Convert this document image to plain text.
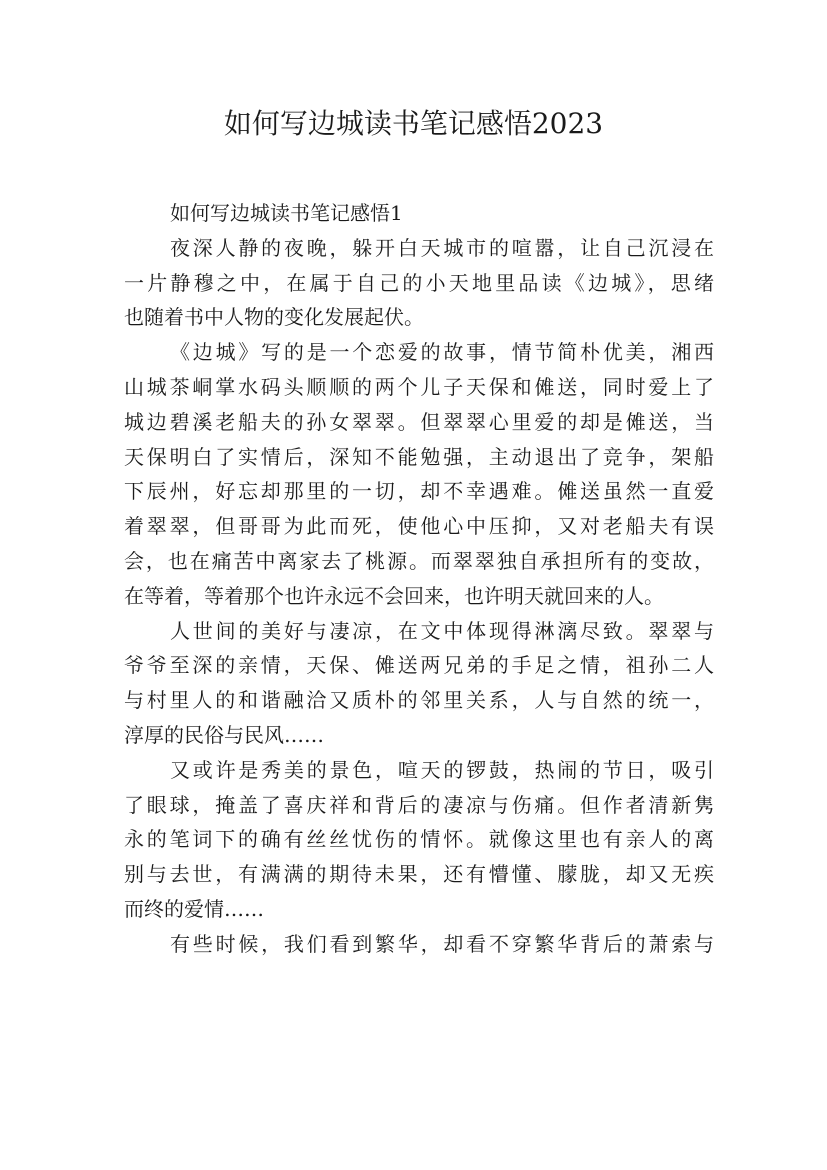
如何写边城读书笔记感悟2023
如何写边城读书笔记感悟1
夜深人静的夜晚，躲开白天城市的喧嚣，让自己沉浸在
一片静穆之中，在属于自己的小天地里品读《边城》，思绪
也随着书中人物的变化发展起伏。
《边城》写的是一个恋爱的故事，情节简朴优美，湘西
山城茶峒掌水码头顺顺的两个儿子天保和傩送，同时爱上了
城边碧溪老船夫的孙女翠翠。但翠翠心里爱的却是傩送，当
天保明白了实情后，深知不能勉强，主动退出了竞争，架船
下辰州，好忘却那里的一切，却不幸遇难。傩送虽然一直爱
着翠翠，但哥哥为此而死，使他心中压抑，又对老船夫有误
会，也在痛苦中离家去了桃源。而翠翠独自承担所有的变故，
在等着，等着那个也许永远不会回来，也许明天就回来的人。
人世间的美好与凄凉，在文中体现得淋漓尽致。翠翠与
爷爷至深的亲情，天保、傩送两兄弟的手足之情，祖孙二人
与村里人的和谐融洽又质朴的邻里关系，人与自然的统一，
淳厚的民俗与民风……
又或许是秀美的景色，喧天的锣鼓，热闹的节日，吸引
了眼球，掩盖了喜庆祥和背后的凄凉与伤痛。但作者清新隽
永的笔词下的确有丝丝忧伤的情怀。就像这里也有亲人的离
别与去世，有满满的期待未果，还有懵懂、朦胧，却又无疾
而终的爱情……
有些时候，我们看到繁华，却看不穿繁华背后的萧索与
